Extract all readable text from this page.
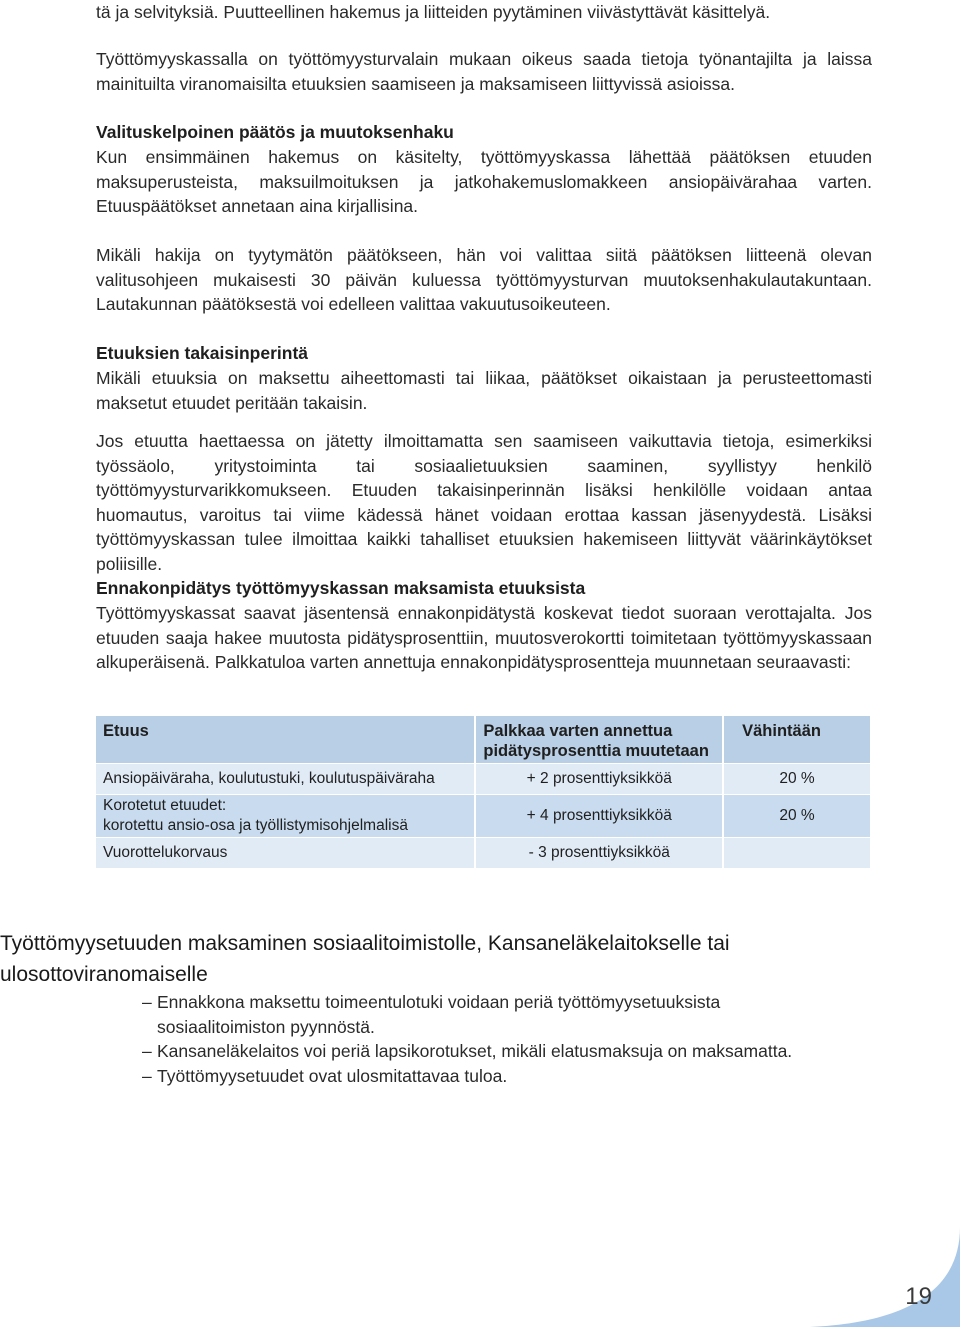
tä ja selvityksiä. Puutteellinen hakemus ja liitteiden pyytäminen viivästyttävät käsittelyä.

Työttömyyskassalla on työttömyysturvalain mukaan oikeus saada tietoja työnantajilta ja laissa mainituilta viranomaisilta etuuksien saamiseen ja maksamiseen liittyvissä asioissa.

Valituskelpoinen päätös ja muutoksenhaku

Kun ensimmäinen hakemus on käsitelty, työttömyyskassa lähettää päätöksen etuuden maksuperusteista, maksuilmoituksen ja jatkohakemuslomakkeen ansiopäivärahaa varten. Etuuspäätökset annetaan aina kirjallisina.

Mikäli hakija on tyytymätön päätökseen, hän voi valittaa siitä päätöksen liitteenä olevan valitusohjeen mukaisesti 30 päivän kuluessa työttömyysturvan muutoksenhakulautakuntaan. Lautakunnan päätöksestä voi edelleen valittaa vakuutusoikeuteen.

Etuuksien takaisinperintä

Mikäli etuuksia on maksettu aiheettomasti tai liikaa, päätökset oikaistaan ja perusteettomasti maksetut etuudet peritään takaisin.

Jos etuutta haettaessa on jätetty ilmoittamatta sen saamiseen vaikuttavia tietoja, esimerkiksi työssäolo, yritystoiminta tai sosiaalietuuksien saaminen, syyllistyy henkilö työttömyysturvarikkomukseen. Etuuden takaisinperinnän lisäksi henkilölle voidaan antaa huomautus, varoitus tai viime kädessä hänet voidaan erottaa kassan jäsenyydestä. Lisäksi työttömyyskassan tulee ilmoittaa kaikki tahalliset etuuksien hakemiseen liittyvät väärinkäytökset poliisille.

Ennakonpidätys työttömyyskassan maksamista etuuksista

Työttömyyskassat saavat jäsentensä ennakonpidätystä koskevat tiedot suoraan verottajalta. Jos etuuden saaja hakee muutosta pidätysprosenttiin, muutosverokortti toimitetaan työttömyyskassaan alkuperäisenä. Palkkatuloa varten annettuja ennakonpidätysprosentteja muunnetaan seuraavasti:

Etuus	Palkkaa varten annettua pidätysprosenttia muutetaan	Vähintään
Ansiopäiväraha, koulutustuki, koulutuspäiväraha	+ 2 prosenttiyksikköä	20 %

Korotetut etuudet:
korotettu ansio-osa ja työllistymisohjelmalisä	+ 4 prosenttiyksikköä	20 %
Vuorottelukorvaus	- 3 prosenttiyksikköä	
Työttömyysetuuden maksaminen sosiaalitoimistolle, Kansaneläkelaitokselle tai ulosottoviranomaiselle
– Ennakkona maksettu toimeentulotuki voidaan periä työttömyysetuuksista sosiaalitoimiston pyynnöstä.
– Kansaneläkelaitos voi periä lapsikorotukset, mikäli elatusmaksuja on maksamatta.
– Työttömyysetuudet ovat ulosmitattavaa tuloa.
19
